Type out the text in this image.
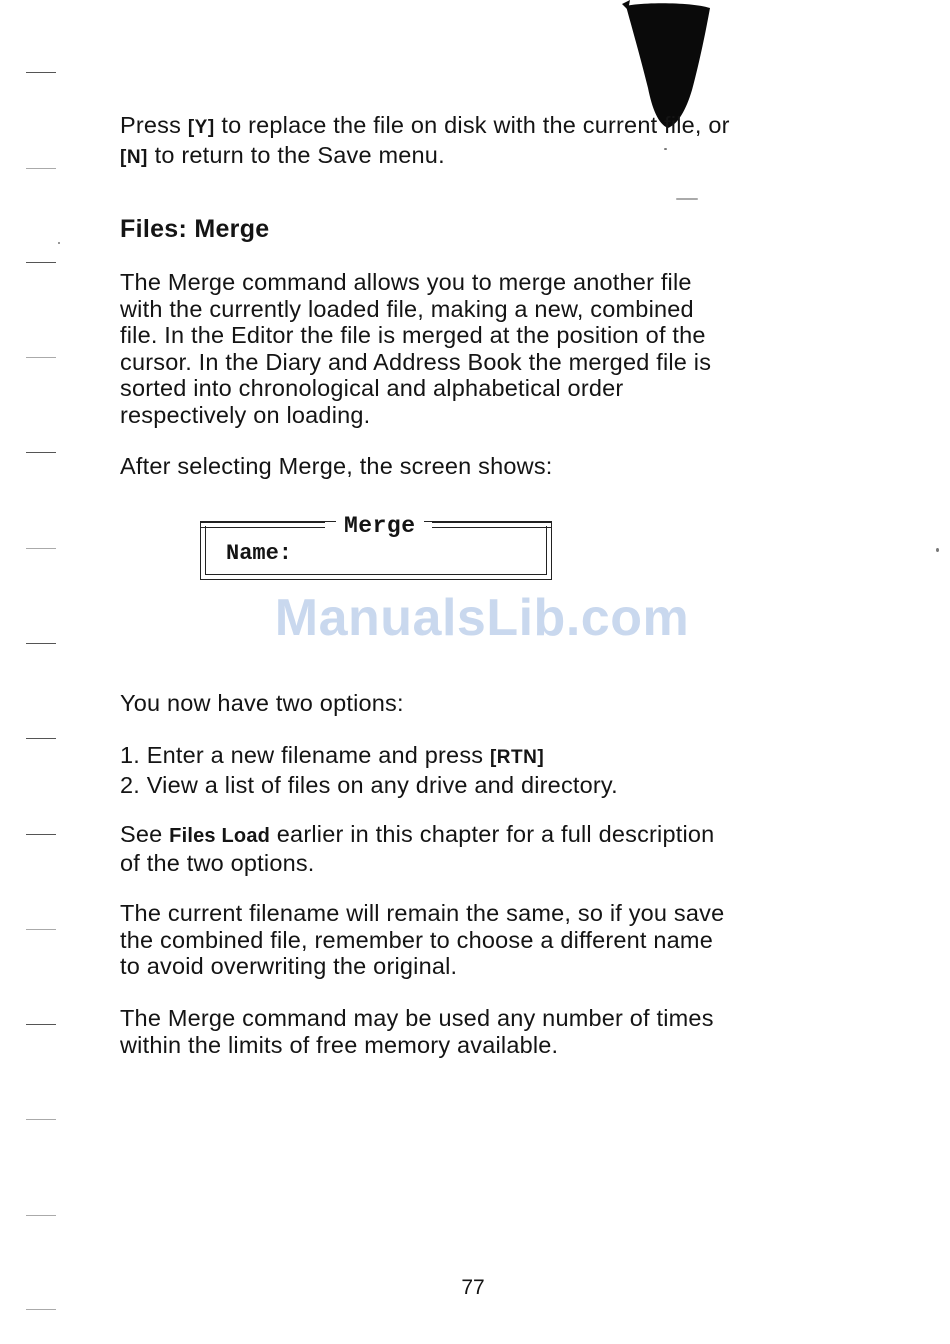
Press [Y] to replace the file on disk with the current file, or
[N] to return to the Save menu.
Files: Merge
The Merge command allows you to merge another file
with the currently loaded file, making a new, combined
file. In the Editor the file is merged at the position of the
cursor. In the Diary and Address Book the merged file is
sorted into chronological and alphabetical order
respectively on loading.
After selecting Merge, the screen shows:
Merge
Name:
ManualsLib.com
You now have two options:
1. Enter a new filename and press [RTN]
2. View a list of files on any drive and directory.
See Files Load earlier in this chapter for a full description
of the two options.
The current filename will remain the same, so if you save
the combined file, remember to choose a different name
to avoid overwriting the original.
The Merge command may be used any number of times
within the limits of free memory available.
77
